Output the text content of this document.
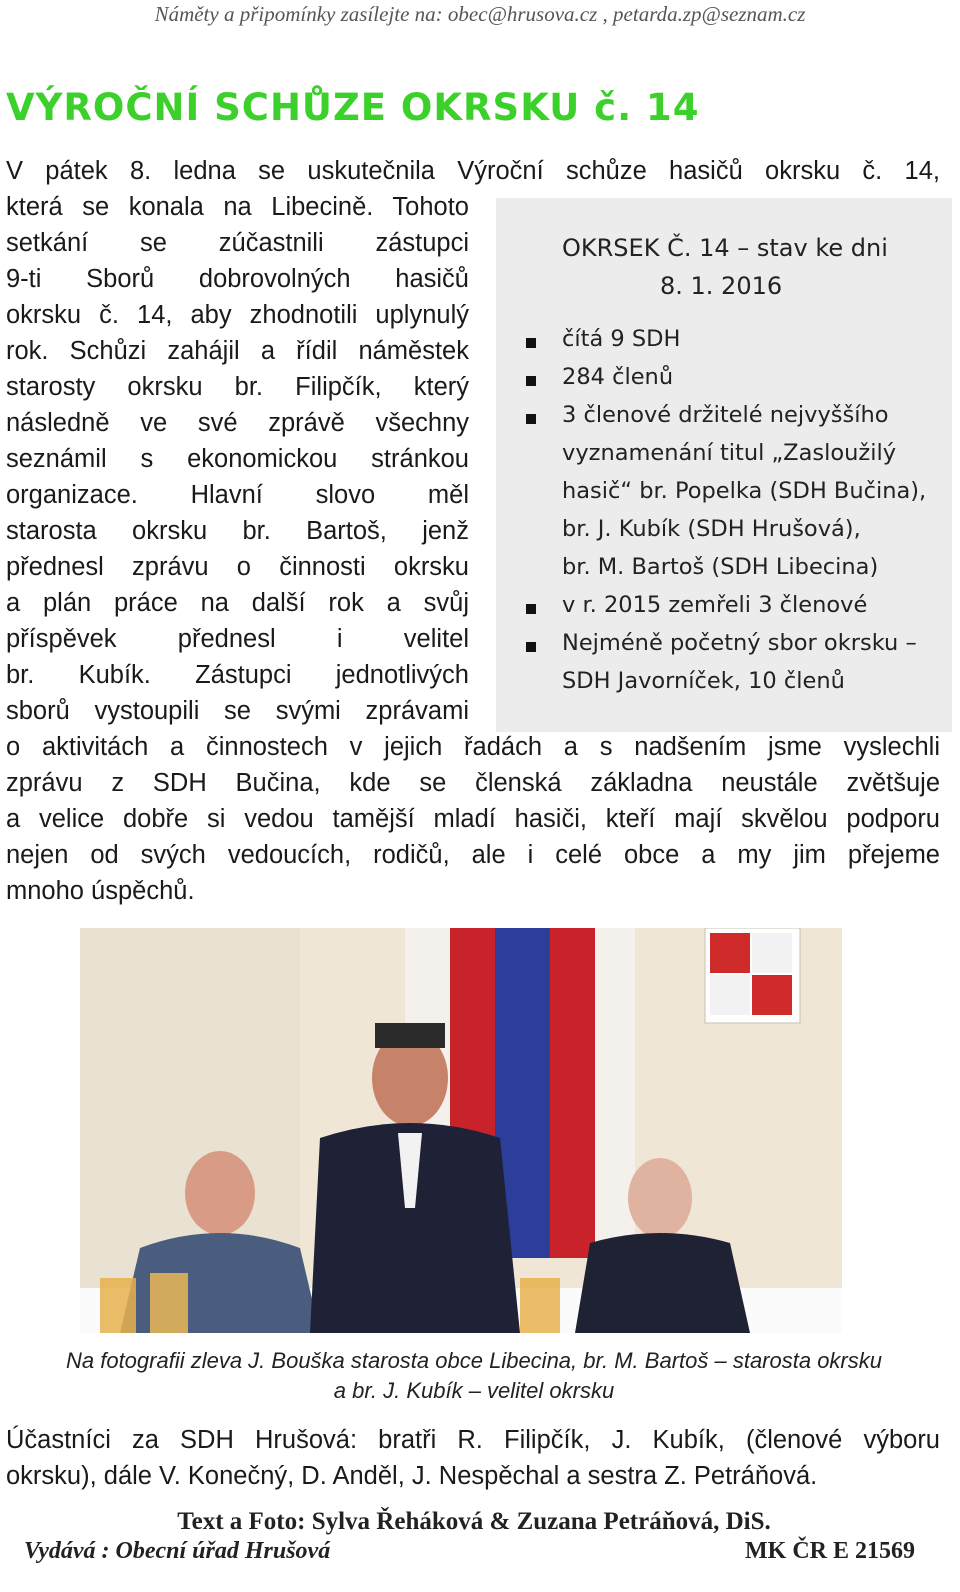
Náměty a připomínky zasílejte na: obec@hrusova.cz , petarda.zp@seznam.cz
VÝROČNÍ SCHŮZE OKRSKU č. 14
V pátek 8. ledna se uskutečnila Výroční schůze hasičů okrsku č. 14,
která se konala na Libecině. Tohoto
setkání se zúčastnili zástupci
9-ti Sborů dobrovolných hasičů
okrsku č. 14, aby zhodnotili uplynulý
rok. Schůzi zahájil a řídil náměstek
starosty okrsku br. Filipčík, který
následně ve své zprávě všechny
seznámil s ekonomickou stránkou
organizace. Hlavní slovo měl
starosta okrsku br. Bartoš, jenž
přednesl zprávu o činnosti okrsku
a plán práce na další rok a svůj
příspěvek přednesl i velitel
br. Kubík. Zástupci jednotlivých
sborů vystoupili se svými zprávami
o aktivitách a činnostech v jejich řadách a s nadšením jsme vyslechli
zprávu z SDH Bučina, kde se členská základna neustále zvětšuje
a velice dobře si vedou tamější mladí hasiči, kteří mají skvělou podporu
nejen od svých vedoucích, rodičů, ale i celé obce a my jim přejeme
mnoho úspěchů.
OKRSEK Č. 14 – stav ke dni
8. 1. 2016
čítá 9 SDH
284 členů
3 členové držitelé nejvyššího
vyznamenání titul „Zasloužilý
hasič“ br. Popelka (SDH Bučina),
br. J. Kubík (SDH Hrušová),
br. M. Bartoš (SDH Libecina)
v r. 2015 zemřeli 3 členové
Nejméně početný sbor okrsku –
SDH Javorníček, 10 členů
Na fotografii zleva J. Bouška starosta obce Libecina, br. M. Bartoš – starosta okrsku
a br. J. Kubík – velitel okrsku
Účastníci za SDH Hrušová: bratři R. Filipčík, J. Kubík, (členové výboru
okrsku), dále V. Konečný, D. Anděl, J. Nespěchal a sestra Z. Petráňová.
Text a Foto: Sylva Řeháková & Zuzana Petráňová, DiS.
Vydává : Obecní úřad Hrušová	MK ČR E 21569
